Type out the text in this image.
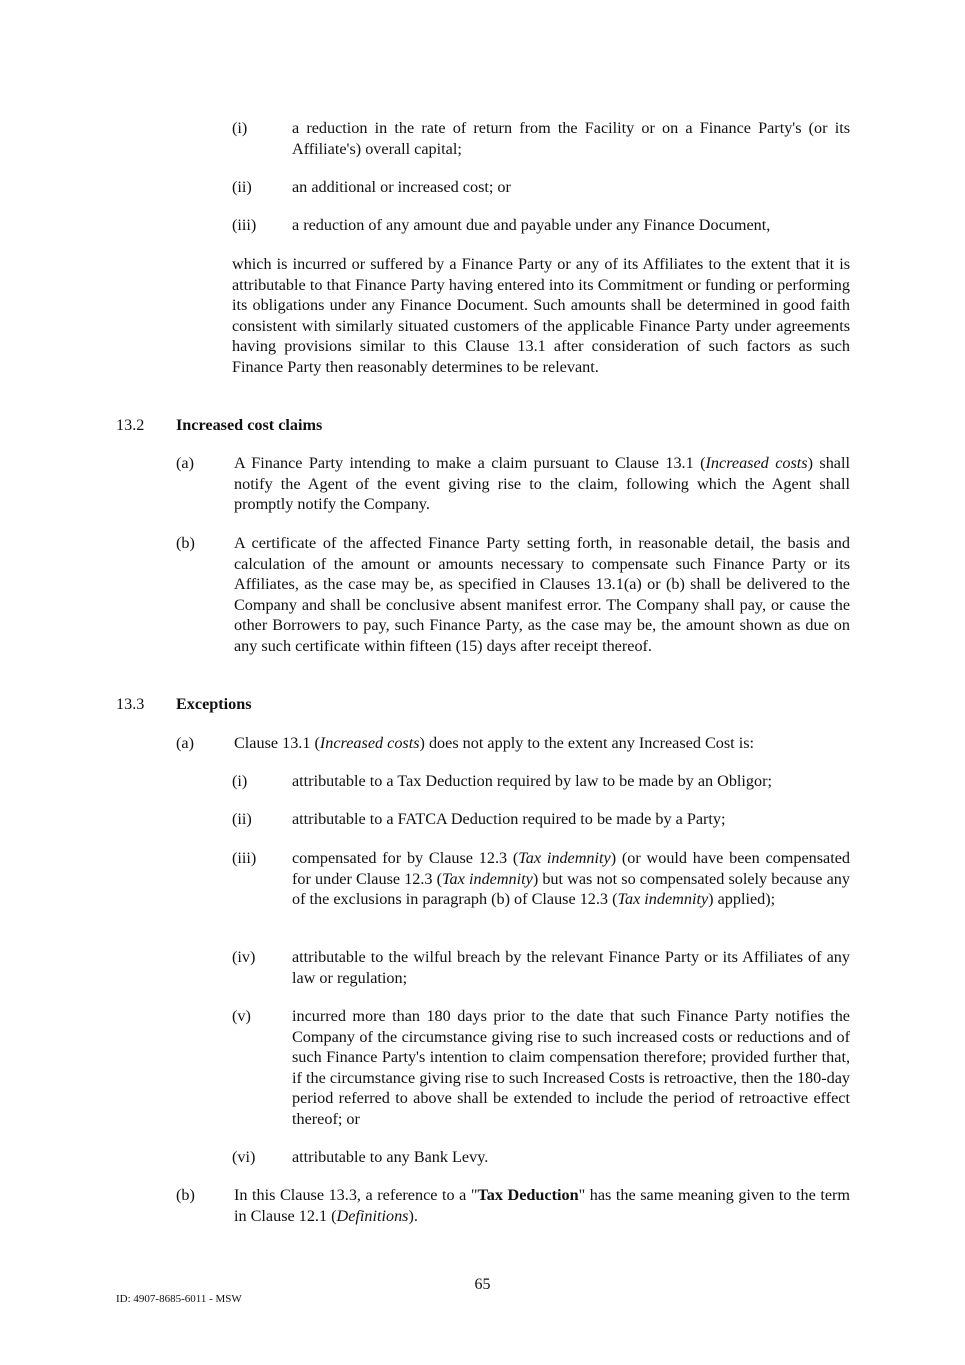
(i)	a reduction in the rate of return from the Facility or on a Finance Party's (or its Affiliate's) overall capital;
(ii) an additional or increased cost; or
(iii) a reduction of any amount due and payable under any Finance Document,
which is incurred or suffered by a Finance Party or any of its Affiliates to the extent that it is attributable to that Finance Party having entered into its Commitment or funding or performing its obligations under any Finance Document. Such amounts shall be determined in good faith consistent with similarly situated customers of the applicable Finance Party under agreements having provisions similar to this Clause 13.1 after consideration of such factors as such Finance Party then reasonably determines to be relevant.
13.2 Increased cost claims
(a) A Finance Party intending to make a claim pursuant to Clause 13.1 (Increased costs) shall notify the Agent of the event giving rise to the claim, following which the Agent shall promptly notify the Company.
(b) A certificate of the affected Finance Party setting forth, in reasonable detail, the basis and calculation of the amount or amounts necessary to compensate such Finance Party or its Affiliates, as the case may be, as specified in Clauses 13.1(a) or (b) shall be delivered to the Company and shall be conclusive absent manifest error. The Company shall pay, or cause the other Borrowers to pay, such Finance Party, as the case may be, the amount shown as due on any such certificate within fifteen (15) days after receipt thereof.
13.3 Exceptions
(a) Clause 13.1 (Increased costs) does not apply to the extent any Increased Cost is:
(i)	attributable to a Tax Deduction required by law to be made by an Obligor;
(ii) attributable to a FATCA Deduction required to be made by a Party;
(iii) compensated for by Clause 12.3 (Tax indemnity) (or would have been compensated for under Clause 12.3 (Tax indemnity) but was not so compensated solely because any of the exclusions in paragraph (b) of Clause 12.3 (Tax indemnity) applied);
(iv) attributable to the wilful breach by the relevant Finance Party or its Affiliates of any law or regulation;
(v)	incurred more than 180 days prior to the date that such Finance Party notifies the Company of the circumstance giving rise to such increased costs or reductions and of such Finance Party's intention to claim compensation therefore; provided further that, if the circumstance giving rise to such Increased Costs is retroactive, then the 180-day period referred to above shall be extended to include the period of retroactive effect thereof; or
(vi) attributable to any Bank Levy.
(b) In this Clause 13.3, a reference to a "Tax Deduction" has the same meaning given to the term in Clause 12.1 (Definitions).
65
ID: 4907-8685-6011 - MSW
